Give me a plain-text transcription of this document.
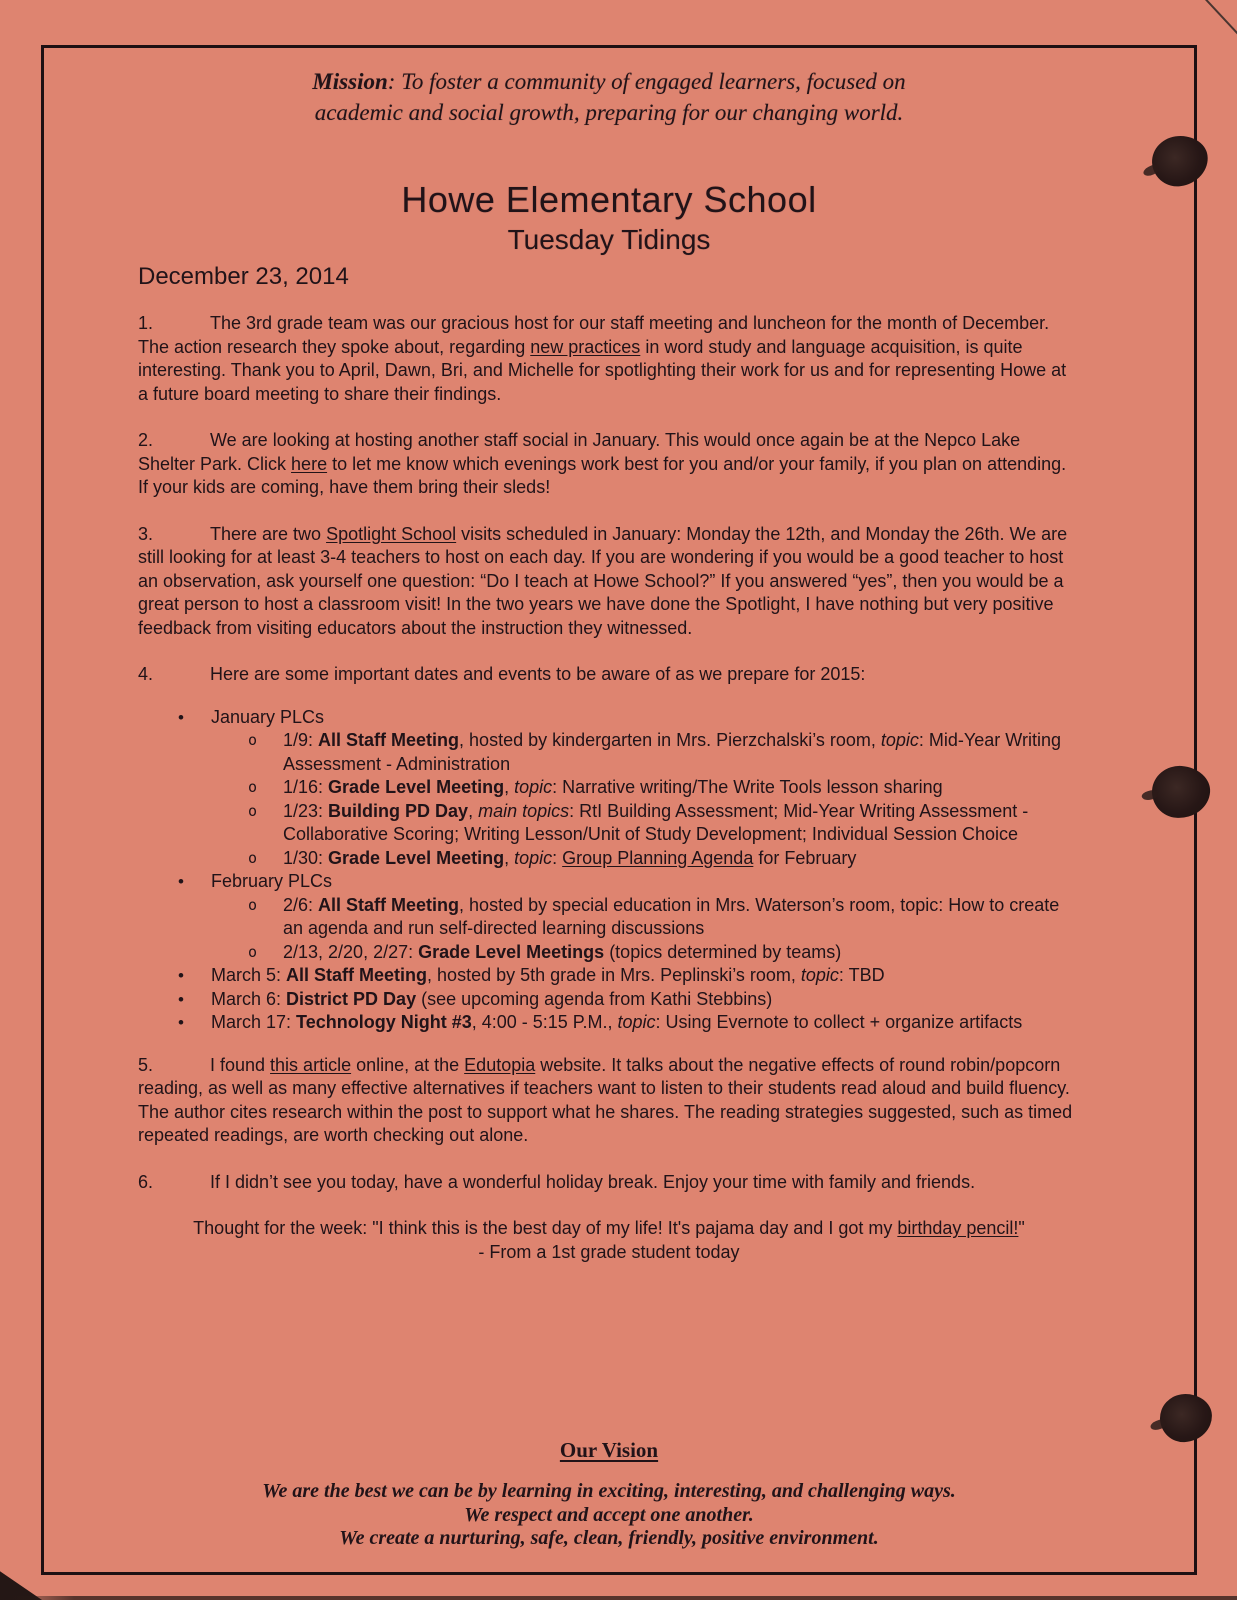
Mission: To foster a community of engaged learners, focused on
academic and social growth, preparing for our changing world.
Howe Elementary School
Tuesday Tidings
December 23, 2014
1.	The 3rd grade team was our gracious host for our staff meeting and luncheon for the month of December. The action research they spoke about, regarding new practices in word study and language acquisition, is quite interesting. Thank you to April, Dawn, Bri, and Michelle for spotlighting their work for us and for representing Howe at a future board meeting to share their findings.
2.	We are looking at hosting another staff social in January. This would once again be at the Nepco Lake Shelter Park. Click here to let me know which evenings work best for you and/or your family, if you plan on attending. If your kids are coming, have them bring their sleds!
3.	There are two Spotlight School visits scheduled in January: Monday the 12th, and Monday the 26th. We are still looking for at least 3-4 teachers to host on each day. If you are wondering if you would be a good teacher to host an observation, ask yourself one question: “Do I teach at Howe School?” If you answered “yes”, then you would be a great person to host a classroom visit! In the two years we have done the Spotlight, I have nothing but very positive feedback from visiting educators about the instruction they witnessed.
4.	Here are some important dates and events to be aware of as we prepare for 2015:
•	January PLCs
o	1/9: All Staff Meeting, hosted by kindergarten in Mrs. Pierzchalski’s room, topic: Mid-Year Writing Assessment - Administration
o	1/16: Grade Level Meeting, topic: Narrative writing/The Write Tools lesson sharing
o	1/23: Building PD Day, main topics: RtI Building Assessment; Mid-Year Writing Assessment - Collaborative Scoring; Writing Lesson/Unit of Study Development; Individual Session Choice
o	1/30: Grade Level Meeting, topic: Group Planning Agenda for February
•	February PLCs
o	2/6: All Staff Meeting, hosted by special education in Mrs. Waterson’s room, topic: How to create an agenda and run self-directed learning discussions
o	2/13, 2/20, 2/27: Grade Level Meetings (topics determined by teams)
•	March 5: All Staff Meeting, hosted by 5th grade in Mrs. Peplinski’s room, topic: TBD
•	March 6: District PD Day (see upcoming agenda from Kathi Stebbins)
•	March 17: Technology Night #3, 4:00 - 5:15 P.M., topic: Using Evernote to collect + organize artifacts
5.	I found this article online, at the Edutopia website. It talks about the negative effects of round robin/popcorn reading, as well as many effective alternatives if teachers want to listen to their students read aloud and build fluency. The author cites research within the post to support what he shares. The reading strategies suggested, such as timed repeated readings, are worth checking out alone.
6.	If I didn’t see you today, have a wonderful holiday break. Enjoy your time with family and friends.
Thought for the week: "I think this is the best day of my life! It's pajama day and I got my birthday pencil!"
- From a 1st grade student today
Our Vision
We are the best we can be by learning in exciting, interesting, and challenging ways.
We respect and accept one another.
We create a nurturing, safe, clean, friendly, positive environment.
